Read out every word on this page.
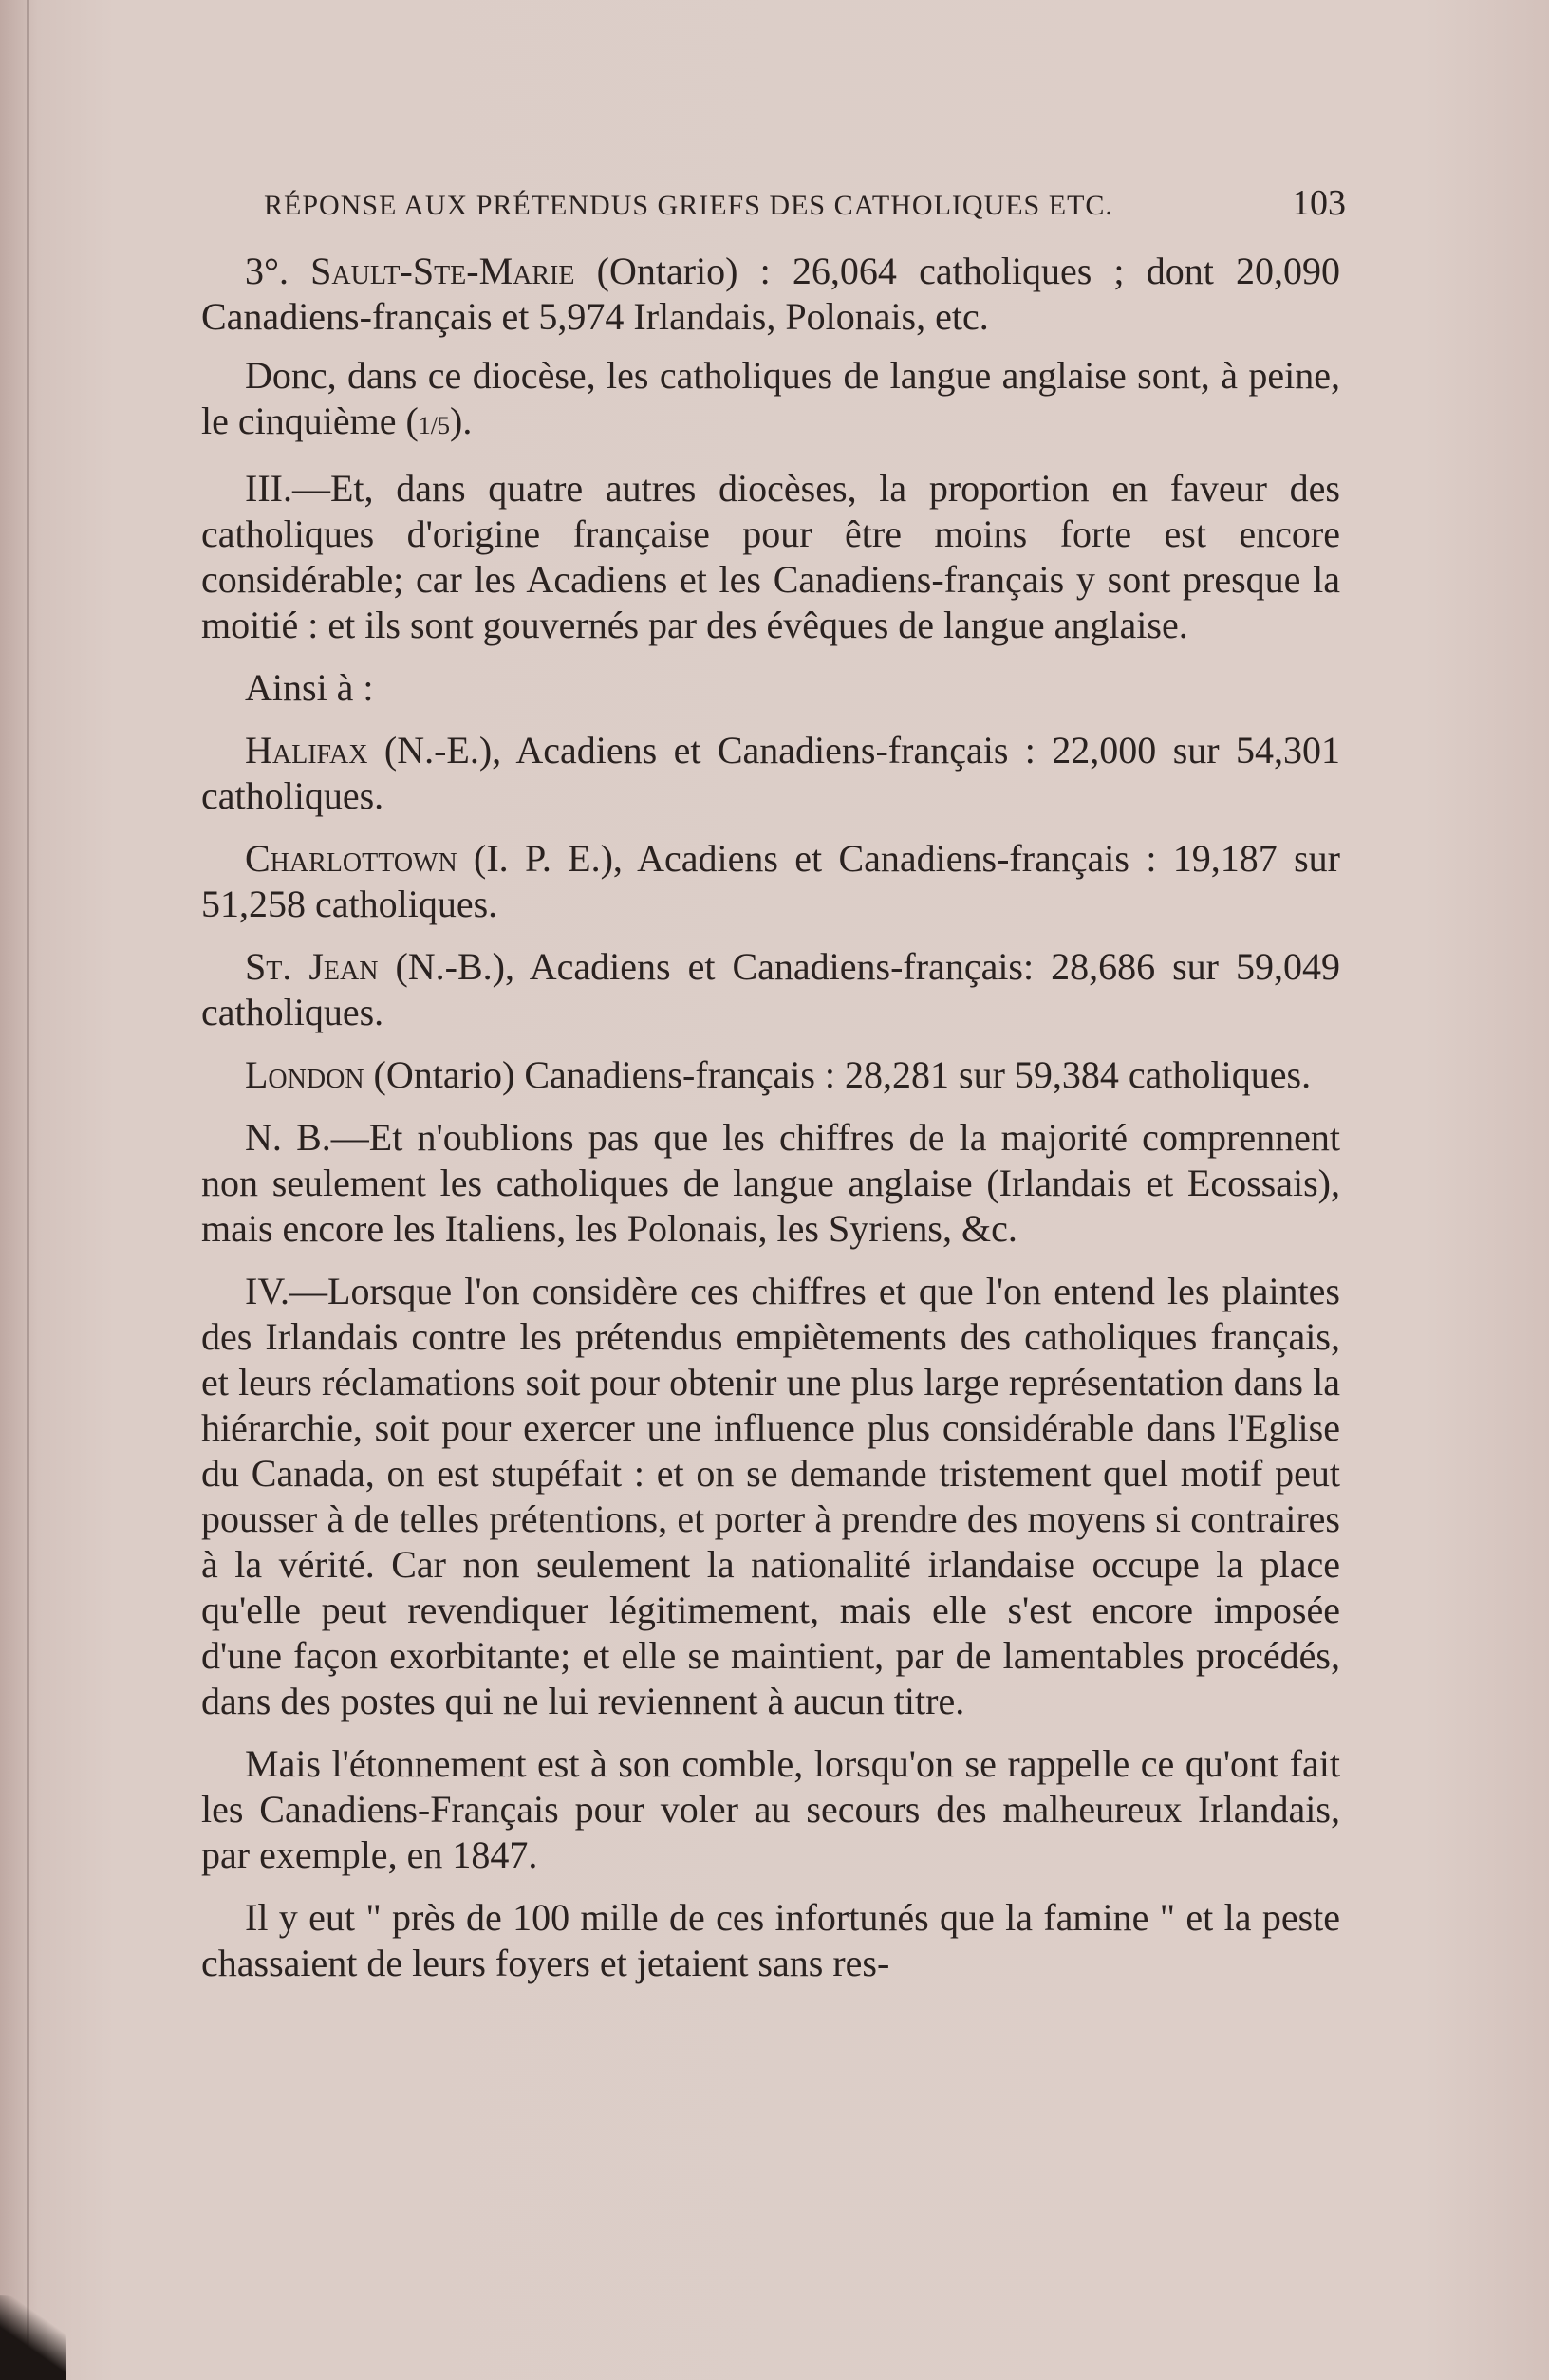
RÉPONSE AUX PRÉTENDUS GRIEFS DES CATHOLIQUES ETC.	103

3°. Sault-Ste-Marie (Ontario) : 26,064 catholiques ; dont 20,090 Canadiens-français et 5,974 Irlandais, Polonais, etc.

Donc, dans ce diocèse, les catholiques de langue anglaise sont, à peine, le cinquième (1/5).

III.—Et, dans quatre autres diocèses, la proportion en faveur des catholiques d'origine française pour être moins forte est encore considérable; car les Acadiens et les Canadiens-français y sont presque la moitié : et ils sont gouvernés par des évêques de langue anglaise.

Ainsi à :

Halifax (N.-E.), Acadiens et Canadiens-français : 22,000 sur 54,301 catholiques.

Charlottown (I. P. E.), Acadiens et Canadiens-français : 19,187 sur 51,258 catholiques.

St. Jean (N.-B.), Acadiens et Canadiens-français: 28,686 sur 59,049 catholiques.

London (Ontario) Canadiens-français : 28,281 sur 59,384 catholiques.

N. B.—Et n'oublions pas que les chiffres de la majorité comprennent non seulement les catholiques de langue anglaise (Irlandais et Ecossais), mais encore les Italiens, les Polonais, les Syriens, &c.

IV.—Lorsque l'on considère ces chiffres et que l'on entend les plaintes des Irlandais contre les prétendus empiètements des catholiques français, et leurs réclamations soit pour obtenir une plus large représentation dans la hiérarchie, soit pour exercer une influence plus considérable dans l'Eglise du Canada, on est stupéfait : et on se demande tristement quel motif peut pousser à de telles prétentions, et porter à prendre des moyens si contraires à la vérité. Car non seulement la nationalité irlandaise occupe la place qu'elle peut revendiquer légitimement, mais elle s'est encore imposée d'une façon exorbitante; et elle se maintient, par de lamentables procédés, dans des postes qui ne lui reviennent à aucun titre.

Mais l'étonnement est à son comble, lorsqu'on se rappelle ce qu'ont fait les Canadiens-Français pour voler au secours des malheureux Irlandais, par exemple, en 1847.

Il y eut " près de 100 mille de ces infortunés que la famine " et la peste chassaient de leurs foyers et jetaient sans res-
